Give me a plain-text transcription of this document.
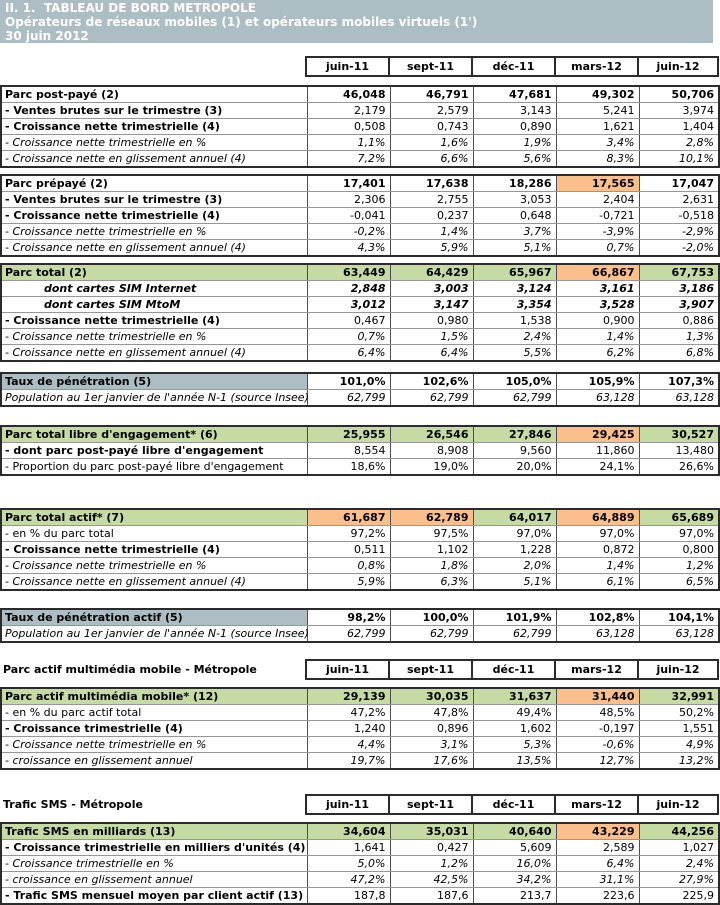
II. 1.  TABLEAU DE BORD METROPOLE
Opérateurs de réseaux mobiles (1) et opérateurs mobiles virtuels (1')
30 juin 2012
	juin-11	sept-11	déc-11	mars-12	juin-12
Parc post-payé (2)	46,048	46,791	47,681	49,302	50,706
- Ventes brutes sur le trimestre (3)	2,179	2,579	3,143	5,241	3,974
- Croissance nette trimestrielle (4)	0,508	0,743	0,890	1,621	1,404
- Croissance nette trimestrielle en %	1,1%	1,6%	1,9%	3,4%	2,8%
- Croissance nette en glissement annuel (4)	7,2%	6,6%	5,6%	8,3%	10,1%
Parc prépayé (2)	17,401	17,638	18,286	17,565	17,047
- Ventes brutes sur le trimestre (3)	2,306	2,755	3,053	2,404	2,631
- Croissance nette trimestrielle (4)	-0,041	0,237	0,648	-0,721	-0,518
- Croissance nette trimestrielle en %	-0,2%	1,4%	3,7%	-3,9%	-2,9%
- Croissance nette en glissement annuel (4)	4,3%	5,9%	5,1%	0,7%	-2,0%
Parc total (2)	63,449	64,429	65,967	66,867	67,753
dont cartes SIM Internet	2,848	3,003	3,124	3,161	3,186
dont cartes SIM MtoM	3,012	3,147	3,354	3,528	3,907
- Croissance nette trimestrielle (4)	0,467	0,980	1,538	0,900	0,886
- Croissance nette trimestrielle en %	0,7%	1,5%	2,4%	1,4%	1,3%
- Croissance nette en glissement annuel (4)	6,4%	6,4%	5,5%	6,2%	6,8%
Taux de pénétration (5)	101,0%	102,6%	105,0%	105,9%	107,3%
Population au 1er janvier de l'année N-1 (source Insee)	62,799	62,799	62,799	63,128	63,128
Parc total libre d'engagement* (6)	25,955	26,546	27,846	29,425	30,527
- dont parc post-payé libre d'engagement	8,554	8,908	9,560	11,860	13,480
- Proportion du parc post-payé libre d'engagement	18,6%	19,0%	20,0%	24,1%	26,6%
Parc total actif* (7)	61,687	62,789	64,017	64,889	65,689
- en % du parc total	97,2%	97,5%	97,0%	97,0%	97,0%
- Croissance nette trimestrielle (4)	0,511	1,102	1,228	0,872	0,800
- Croissance nette trimestrielle en %	0,8%	1,8%	2,0%	1,4%	1,2%
- Croissance nette en glissement annuel (4)	5,9%	6,3%	5,1%	6,1%	6,5%
Taux de pénétration actif (5)	98,2%	100,0%	101,9%	102,8%	104,1%
Population au 1er janvier de l'année N-1 (source Insee)	62,799	62,799	62,799	63,128	63,128
Parc actif multimédia mobile - Métropole	juin-11	sept-11	déc-11	mars-12	juin-12
Parc actif multimédia mobile* (12)	29,139	30,035	31,637	31,440	32,991
- en % du parc actif total	47,2%	47,8%	49,4%	48,5%	50,2%
- Croissance trimestrielle (4)	1,240	0,896	1,602	-0,197	1,551
- Croissance nette trimestrielle en %	4,4%	3,1%	5,3%	-0,6%	4,9%
- croissance en glissement annuel	19,7%	17,6%	13,5%	12,7%	13,2%
Trafic SMS - Métropole	juin-11	sept-11	déc-11	mars-12	juin-12
Trafic SMS en milliards (13)	34,604	35,031	40,640	43,229	44,256
- Croissance trimestrielle en milliers d'unités (4)	1,641	0,427	5,609	2,589	1,027
- Croissance trimestrielle en %	5,0%	1,2%	16,0%	6,4%	2,4%
- croissance en glissement annuel	47,2%	42,5%	34,2%	31,1%	27,9%
- Trafic SMS mensuel moyen par client actif (13)	187,8	187,6	213,7	223,6	225,9
